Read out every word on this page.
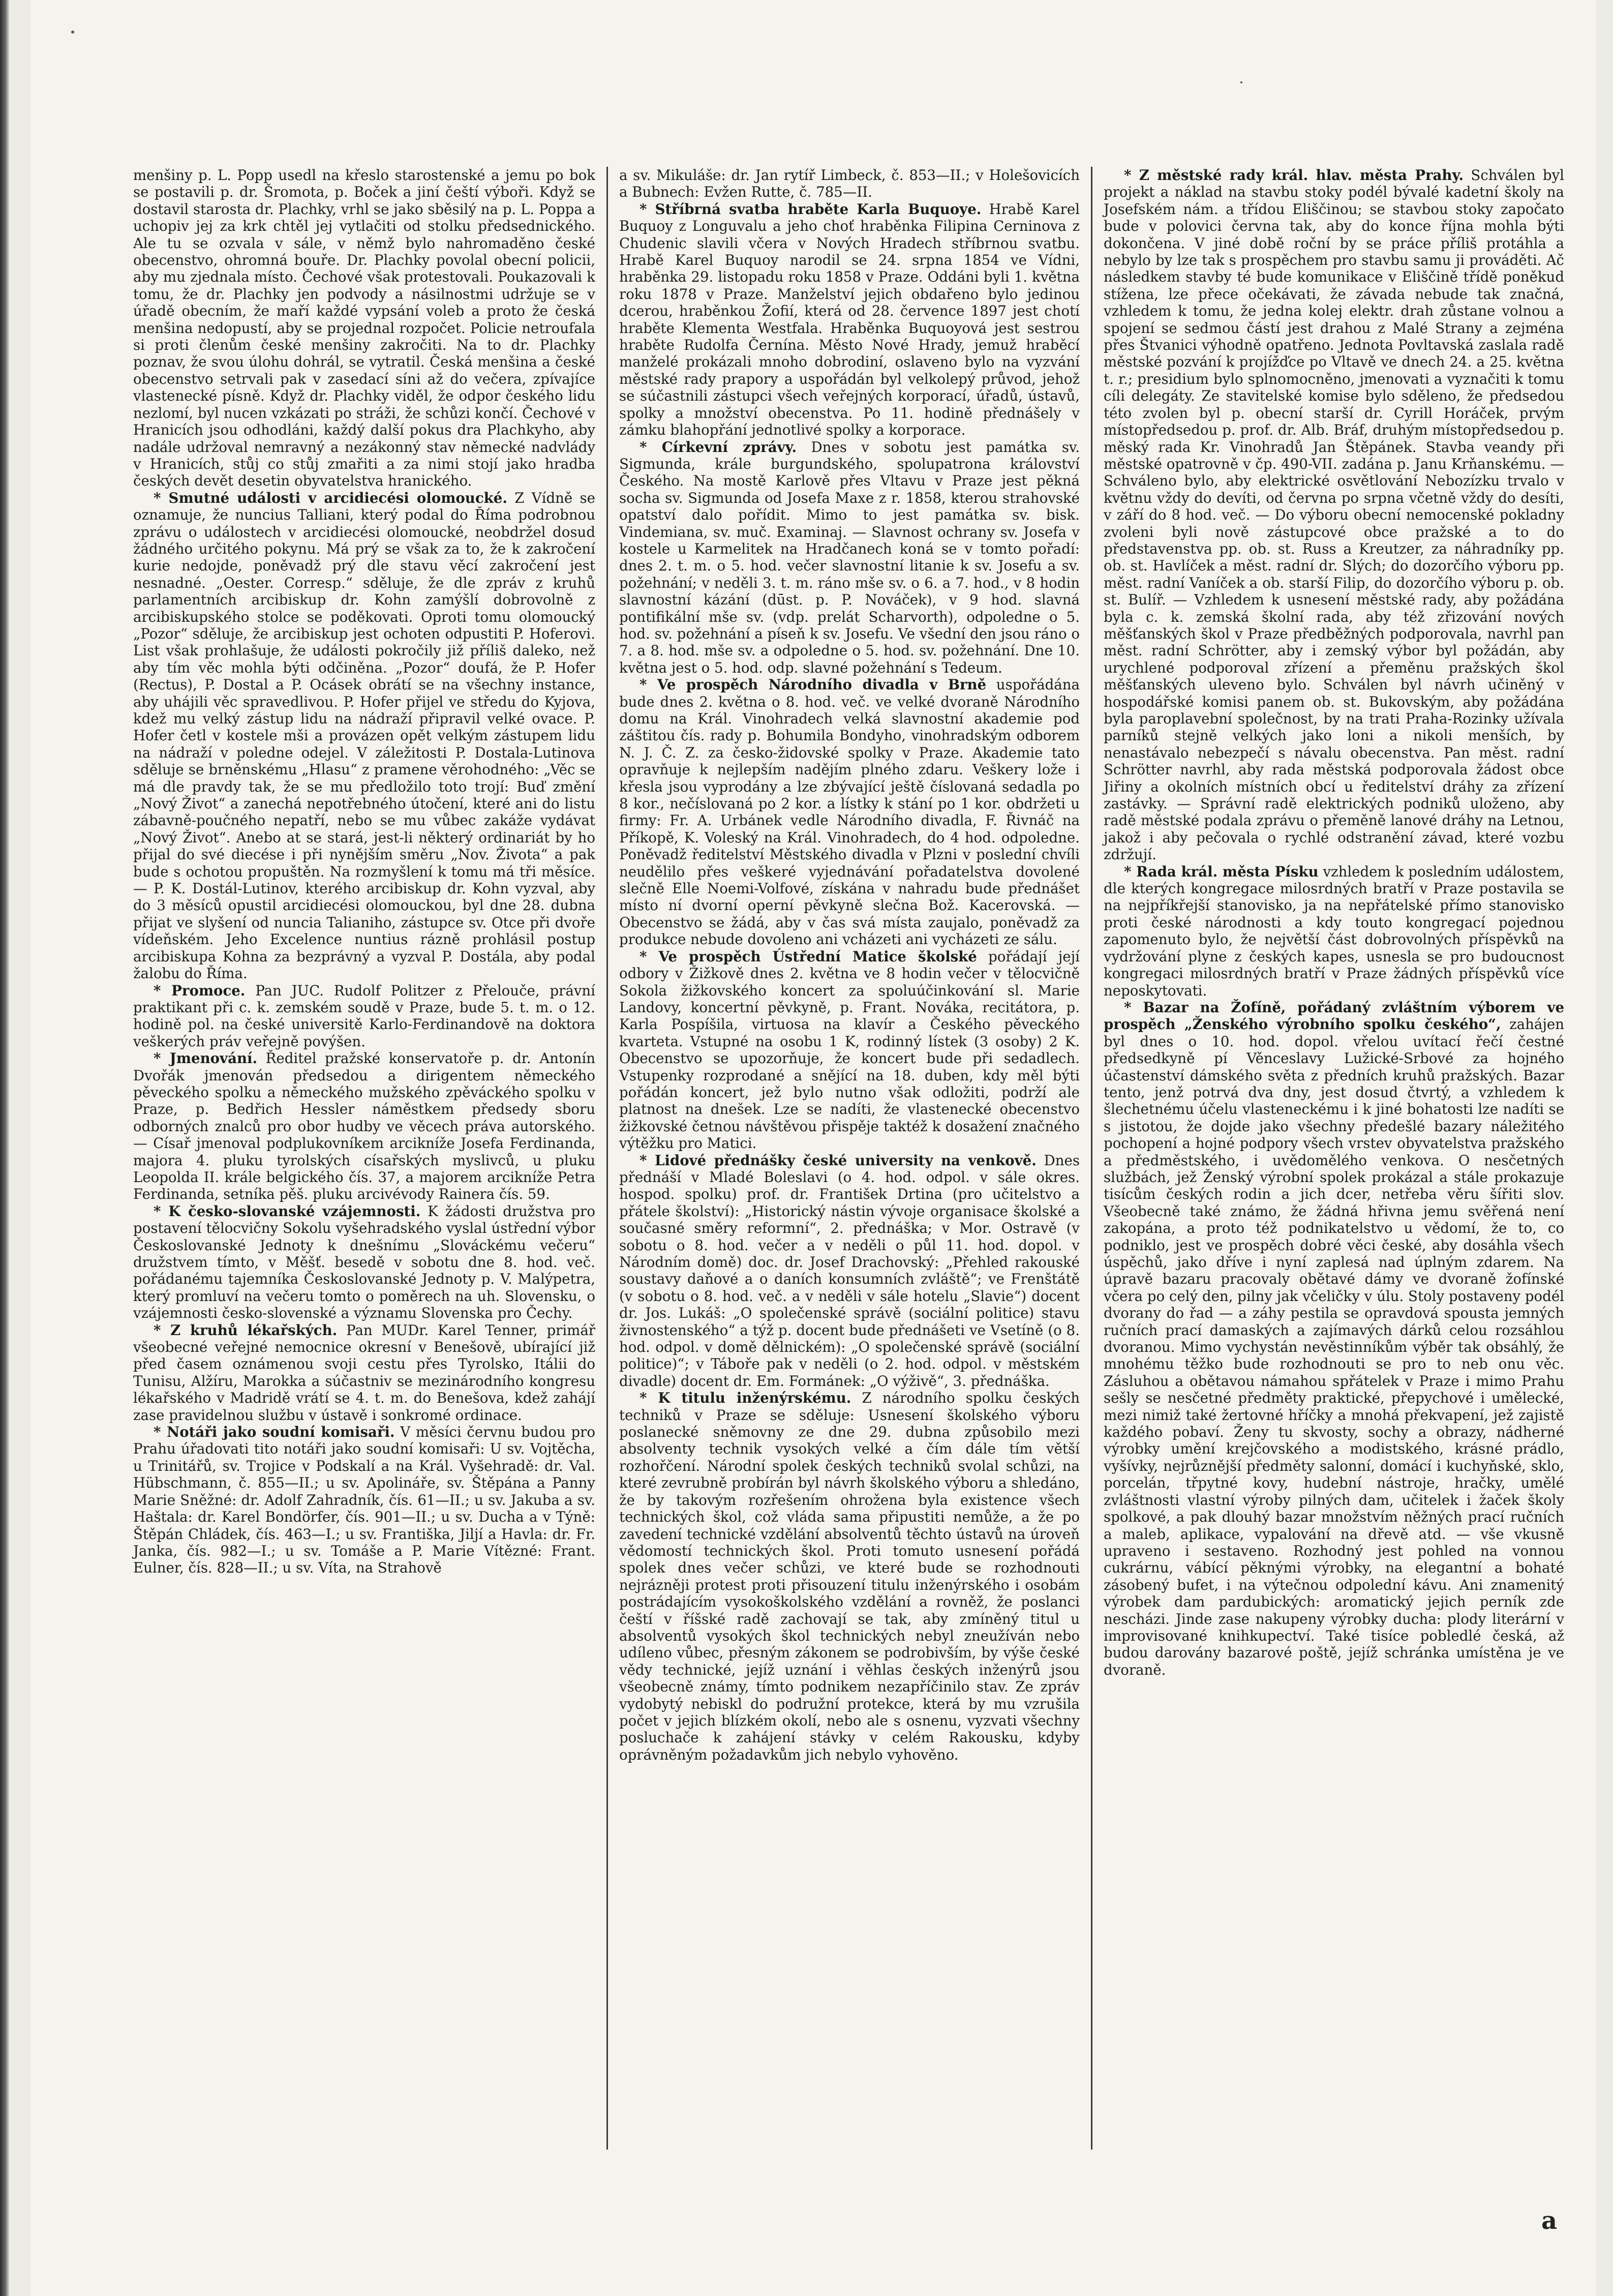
menšiny p. L. Popp usedl na křeslo starostenské a jemu po bok se postavili p. dr. Šromota, p. Boček a jiní čeští výboři. Když se dostavil starosta dr. Plachky, vrhl se jako sběsilý na p. L. Poppa a uchopiv jej za krk chtěl jej vytlačiti od stolku předsednického. Ale tu se ozvala v sále, v němž bylo nahromaděno české obecenstvo, ohromná bouře. Dr. Plachky povolal obecní policii, aby mu zjednala místo. Čechové však protestovali. Poukazovali k tomu, že dr. Plachky jen podvody a násilnostmi udržuje se v úřadě obecním, že maří každé vypsání voleb a proto že česká menšina nedopustí, aby se projednal rozpočet. Policie netroufala si proti členům české menšiny zakročiti. Na to dr. Plachky poznav, že svou úlohu dohrál, se vytratil. Česká menšina a české obecenstvo setrvali pak v zasedací síni až do večera, zpívajíce vlastenecké písně. Když dr. Plachky viděl, že odpor českého lidu nezlomí, byl nucen vzkázati po stráži, že schůzi končí. Čechové v Hranicích jsou odhodláni, každý další pokus dra Plachkyho, aby nadále udržoval nemravný a nezákonný stav německé nadvlády v Hranicích, stůj co stůj zmařiti a za nimi stojí jako hradba českých devět desetin obyvatelstva hranického.

* Smutné události v arcidiecési olomoucké. Z Vídně se oznamuje, že nuncius Talliani, který podal do Říma podrobnou zprávu o událostech v arcidiecési olomoucké, neobdržel dosud žádného určitého pokynu. Má prý se však za to, že k zakročení kurie nedojde, poněvadž prý dle stavu věcí zakročení jest nesnadné. „Oester. Corresp.“ sděluje, že dle zpráv z kruhů parlamentních arcibiskup dr. Kohn zamýšlí dobrovolně z arcibiskupského stolce se poděkovati. Oproti tomu olomoucký „Pozor“ sděluje, že arcibiskup jest ochoten odpustiti P. Hoferovi. List však prohlašuje, že události pokročily již příliš daleko, než aby tím věc mohla býti odčiněna. „Pozor“ doufá, že P. Hofer (Rectus), P. Dostal a P. Ocásek obrátí se na všechny instance, aby uhájili věc spravedlivou. P. Hofer přijel ve středu do Kyjova, kdež mu velký zástup lidu na nádraží připravil velké ovace. P. Hofer četl v kostele mši a provázen opět velkým zástupem lidu na nádraží v poledne odejel. V záležitosti P. Dostala-Lutinova sděluje se brněnskému „Hlasu“ z pramene věrohodného: „Věc se má dle pravdy tak, že se mu předložilo toto trojí: Buď změní „Nový Život“ a zanechá nepotřebného útočení, které ani do listu zábavně-poučného nepatří, nebo se mu vůbec zakáže vydávat „Nový Život“. Anebo at se stará, jest-li některý ordinariát by ho přijal do své diecése i při nynějším směru „Nov. Života“ a pak bude s ochotou propuštěn. Na rozmyšlení k tomu má tři měsíce. — P. K. Dostál-Lutinov, kterého arcibiskup dr. Kohn vyzval, aby do 3 měsíců opustil arcidiecési olomouckou, byl dne 28. dubna přijat ve slyšení od nuncia Talianiho, zástupce sv. Otce při dvoře vídeňském. Jeho Excelence nuntius rázně prohlásil postup arcibiskupa Kohna za bezprávný a vyzval P. Dostála, aby podal žalobu do Říma.

* Promoce. Pan JUC. Rudolf Politzer z Přelouče, právní praktikant při c. k. zemském soudě v Praze, bude 5. t. m. o 12. hodině pol. na české universitě Karlo-Ferdinandově na doktora veškerých práv veřejně povýšen.

* Jmenování. Ředitel pražské konservatoře p. dr. Antonín Dvořák jmenován předsedou a dirigentem německého pěveckého spolku a německého mužského zpěváckého spolku v Praze, p. Bedřich Hessler náměstkem předsedy sboru odborných znalců pro obor hudby ve věcech práva autorského. — Císař jmenoval podplukovníkem arcikníže Josefa Ferdinanda, majora 4. pluku tyrolských císařských myslivců, u pluku Leopolda II. krále belgického čís. 37, a majorem arcikníže Petra Ferdinanda, setníka pěš. pluku arcivévody Rainera čís. 59.

* K česko-slovanské vzájemnosti. K žádosti družstva pro postavení tělocvičny Sokolu vyšehradského vyslal ústřední výbor Českoslovanské Jednoty k dnešnímu „Slováckému večeru“ družstvem tímto, v Měšť. besedě v sobotu dne 8. hod. več. pořádanému tajemníka Českoslovanské Jednoty p. V. Malýpetra, který promluví na večeru tomto o poměrech na uh. Slovensku, o vzájemnosti česko-slovenské a významu Slovenska pro Čechy.

* Z kruhů lékařských. Pan MUDr. Karel Tenner, primář všeobecné veřejné nemocnice okresní v Benešově, ubírající již před časem oznámenou svoji cestu přes Tyrolsko, Itálii do Tunisu, Alžíru, Marokka a súčastniv se mezinárodního kongresu lékařského v Madridě vrátí se 4. t. m. do Benešova, kdež zahájí zase pravidelnou službu v ústavě i sonkromé ordinace.

* Notáři jako soudní komisaři. V měsíci červnu budou pro Prahu úřadovati tito notáři jako soudní komisaři: U sv. Vojtěcha, u Trinitářů, sv. Trojice v Podskalí a na Král. Vyšehradě: dr. Val. Hübschmann, č. 855—II.; u sv. Apolináře, sv. Štěpána a Panny Marie Sněžné: dr. Adolf Zahradník, čís. 61—II.; u sv. Jakuba a sv. Haštala: dr. Karel Bondörfer, čís. 901—II.; u sv. Ducha a v Týně: Štěpán Chládek, čís. 463—I.; u sv. Františka, Jiljí a Havla: dr. Fr. Janka, čís. 982—I.; u sv. Tomáše a P. Marie Vítězné: Frant. Eulner, čís. 828—II.; u sv. Víta, na Strahově

a sv. Mikuláše: dr. Jan rytíř Limbeck, č. 853—II.; v Holešovicích a Bubnech: Evžen Rutte, č. 785—II.

* Stříbrná svatba hraběte Karla Buquoye. Hrabě Karel Buquoy z Longuvalu a jeho choť hraběnka Filipina Cerninova z Chudenic slavili včera v Nových Hradech stříbrnou svatbu. Hrabě Karel Buquoy narodil se 24. srpna 1854 ve Vídni, hraběnka 29. listopadu roku 1858 v Praze. Oddáni byli 1. května roku 1878 v Praze. Manželství jejich obdařeno bylo jedinou dcerou, hraběnkou Žofií, která od 28. července 1897 jest chotí hraběte Klementa Westfala. Hraběnka Buquoyová jest sestrou hraběte Rudolfa Černína. Město Nové Hrady, jemuž hraběcí manželé prokázali mnoho dobrodiní, oslaveno bylo na vyzvání městské rady prapory a uspořádán byl velkolepý průvod, jehož se súčastnili zástupci všech veřejných korporací, úřadů, ústavů, spolky a množství obecenstva. Po 11. hodině přednášely v zámku blahopřání jednotlivé spolky a korporace.

* Církevní zprávy. Dnes v sobotu jest památka sv. Sigmunda, krále burgundského, spolupatrona království Českého. Na mostě Karlově přes Vltavu v Praze jest pěkná socha sv. Sigmunda od Josefa Maxe z r. 1858, kterou strahovské opatství dalo pořídit. Mimo to jest památka sv. bisk. Vindemiana, sv. muč. Examinaj. — Slavnost ochrany sv. Josefa v kostele u Karmelitek na Hradčanech koná se v tomto pořadí: dnes 2. t. m. o 5. hod. večer slavnostní litanie k sv. Josefu a sv. požehnání; v neděli 3. t. m. ráno mše sv. o 6. a 7. hod., v 8 hodin slavnostní kázání (dūst. p. P. Nováček), v 9 hod. slavná pontifikální mše sv. (vdp. prelát Scharvorth), odpoledne o 5. hod. sv. požehnání a píseň k sv. Josefu. Ve všední den jsou ráno o 7. a 8. hod. mše sv. a odpoledne o 5. hod. sv. požehnání. Dne 10. května jest o 5. hod. odp. slavné požehnání s Tedeum.

* Ve prospěch Národního divadla v Brně uspořádána bude dnes 2. května o 8. hod. več. ve velké dvoraně Národního domu na Král. Vinohradech velká slavnostní akademie pod záštitou čís. rady p. Bohumila Bondyho, vinohradským odborem N. J. Č. Z. za česko-židovské spolky v Praze. Akademie tato opravňuje k nejlepším nadějím plného zdaru. Veškery lože i křesla jsou vyprodány a lze zbývající ještě číslovaná sedadla po 8 kor., nečíslovaná po 2 kor. a lístky k stání po 1 kor. obdržeti u firmy: Fr. A. Urbánek vedle Národního divadla, F. Řivnáč na Příkopě, K. Voleský na Král. Vinohradech, do 4 hod. odpoledne. Poněvadž ředitelství Městského divadla v Plzni v poslední chvíli neudělilo přes veškeré vyjednávání pořadatelstva dovolené slečně Elle Noemi-Volfové, získána v nahradu bude přednášet místo ní dvorní operní pěvkyně slečna Bož. Kacerovská. — Obecenstvo se žádá, aby v čas svá místa zaujalo, poněvadž za produkce nebude dovoleno ani vcházeti ani vycházeti ze sálu.

* Ve prospěch Ústřední Matice školské pořádají její odbory v Žižkově dnes 2. května ve 8 hodin večer v tělocvičně Sokola žižkovského koncert za spoluúčinkování sl. Marie Landovy, koncertní pěvkyně, p. Frant. Nováka, recitátora, p. Karla Pospíšila, virtuosa na klavír a Českého pěveckého kvarteta. Vstupné na osobu 1 K, rodinný lístek (3 osoby) 2 K. Obecenstvo se upozorňuje, že koncert bude při sedadlech. Vstupenky rozprodané a snějící na 18. duben, kdy měl býti pořádán koncert, jež bylo nutno však odložiti, podrží ale platnost na dnešek. Lze se nadíti, že vlastenecké obecenstvo žižkovské četnou návštěvou přispěje taktéž k dosažení značného výtěžku pro Matici.

* Lidové přednášky české university na venkově. Dnes přednáší v Mladé Boleslavi (o 4. hod. odpol. v sále okres. hospod. spolku) prof. dr. František Drtina (pro učitelstvo a přátele školství): „Historický nástin vývoje organisace školské a současné směry reformní“, 2. přednáška; v Mor. Ostravě (v sobotu o 8. hod. večer a v neděli o půl 11. hod. dopol. v Národním domě) doc. dr. Josef Drachovský: „Přehled rakouské soustavy daňové a o daních konsumních zvláště“; ve Frenštátě (v sobotu o 8. hod. več. a v neděli v sále hotelu „Slavie“) docent dr. Jos. Lukáš: „O společenské správě (sociální politice) stavu živnostenského“ a týž p. docent bude přednášeti ve Vsetíně (o 8. hod. odpol. v domě dělnickém): „O společenské správě (sociální politice)“; v Táboře pak v neděli (o 2. hod. odpol. v městském divadle) docent dr. Em. Formánek: „O výživě“, 3. přednáška.

* K titulu inženýrskému. Z národního spolku českých techniků v Praze se sděluje: Usnesení školského výboru poslanecké sněmovny ze dne 29. dubna způsobilo mezi absolventy technik vysokých velké a čím dále tím větší rozhořčení. Národní spolek českých techniků svolal schůzi, na které zevrubně probírán byl návrh školského výboru a shledáno, že by takovým rozřešením ohrožena byla existence všech technických škol, což vláda sama připustiti nemůže, a že po zavedení technické vzdělání absolventů těchto ústavů na úroveň vědomostí technických škol. Proti tomuto usnesení pořádá spolek dnes večer schůzi, ve které bude se rozhodnouti nejrázněji protest proti přisouzení titulu inženýrského i osobám postrádajícím vysokoškolského vzdělání a rovněž, že poslanci čeští v říšské radě zachovají se tak, aby zmíněný titul u absolventů vysokých škol technických nebyl zneužíván nebo udíleno vůbec, přesným zákonem se podrobivším, by výše české vědy technické, jejíž uznání i věhlas českých inženýrů jsou všeobecně známy, tímto podnikem nezapříčinilo stav. Ze zpráv vydobytý nebiskl do podružní protekce, která by mu vzrušila počet v jejich blízkém okolí, nebo ale s osnenu, vyzvati všechny posluchače k zahájení stávky v celém Rakousku, kdyby oprávněným požadavkům jich nebylo vyhověno.

* Z městské rady král. hlav. města Prahy. Schválen byl projekt a náklad na stavbu stoky podél bývalé kadetní školy na Josefském nám. a třídou Eliščinou; se stavbou stoky započato bude v polovici června tak, aby do konce října mohla býti dokončena. V jiné době roční by se práce příliš protáhla a nebylo by lze tak s prospěchem pro stavbu samu ji prováděti. Ač následkem stavby té bude komunikace v Eliščině třídě poněkud stížena, lze přece očekávati, že závada nebude tak značná, vzhledem k tomu, že jedna kolej elektr. drah zůstane volnou a spojení se sedmou částí jest drahou z Malé Strany a zejména přes Štvanici výhodně opatřeno. Jednota Povltavská zaslala radě městské pozvání k projížďce po Vltavě ve dnech 24. a 25. května t. r.; presidium bylo splnomocněno, jmenovati a vyznačiti k tomu cíli delegáty. Ze stavitelské komise bylo sděleno, že předsedou této zvolen byl p. obecní starší dr. Cyrill Horáček, prvým místopředsedou p. prof. dr. Alb. Bráf, druhým místopředsedou p. měský rada Kr. Vinohradů Jan Štěpánek. Stavba veandy při městské opatrovně v čp. 490-VII. zadána p. Janu Krňanskému. — Schváleno bylo, aby elektrické osvětlování Nebozízku trvalo v květnu vždy do devíti, od června po srpna včetně vždy do desíti, v září do 8 hod. več. — Do výboru obecní nemocenské pokladny zvoleni byli nově zástupcové obce pražské a to do představenstva pp. ob. st. Russ a Kreutzer, za náhradníky pp. ob. st. Havlíček a měst. radní dr. Slých; do dozorčího výboru pp. měst. radní Vaníček a ob. starší Filip, do dozorčího výboru p. ob. st. Bulíř. — Vzhledem k usnesení městské rady, aby požádána byla c. k. zemská školní rada, aby též zřizování nových měšťanských škol v Praze předběžných podporovala, navrhl pan měst. radní Schrötter, aby i zemský výbor byl požádán, aby urychlené podporoval zřízení a přeměnu pražských škol měšťanských uleveno bylo. Schválen byl návrh učiněný v hospodářské komisi panem ob. st. Bukovským, aby požádána byla paroplavební společnost, by na trati Praha-Rozinky užívala parníků stejně velkých jako loni a nikoli menších, by nenastávalo nebezpečí s návalu obecenstva. Pan měst. radní Schrötter navrhl, aby rada městská podporovala žádost obce Jiřiny a okolních místních obcí u ředitelství dráhy za zřízení zastávky. — Správní radě elektrických podniků uloženo, aby radě městské podala zprávu o přeměně lanové dráhy na Letnou, jakož i aby pečovala o rychlé odstranění závad, které vozbu zdržují.

* Rada král. města Písku vzhledem k posledním událostem, dle kterých kongregace milosrdných bratří v Praze postavila se na nejpříkřejší stanovisko, ja na nepřátelské přímo stanovisko proti české národnosti a kdy touto kongregací pojednou zapomenuto bylo, že největší část dobrovolných příspěvků na vydržování plyne z českých kapes, usnesla se pro budoucnost kongregaci milosrdných bratří v Praze žádných příspěvků více neposkytovati.

* Bazar na Žofíně, pořádaný zvláštním výborem ve prospěch „Ženského výrobního spolku českého“, zahájen byl dnes o 10. hod. dopol. vřelou uvítací řečí čestné předsedkyně pí Věnceslavy Lužické-Srbové za hojného účastenství dámského světa z předních kruhů pražských. Bazar tento, jenž potrvá dva dny, jest dosud čtvrtý, a vzhledem k šlechetnému účelu vlasteneckému i k jiné bohatosti lze nadíti se s jistotou, že dojde jako všechny předešlé bazary náležitého pochopení a hojné podpory všech vrstev obyvatelstva pražského a předměstského, i uvědomělého venkova. O nesčetných službách, jež Ženský výrobní spolek prokázal a stále prokazuje tisícům českých rodin a jich dcer, netřeba věru šířiti slov. Všeobecně také známo, že žádná hřivna jemu svěřená není zakopána, a proto též podnikatelstvo u vědomí, že to, co podniklo, jest ve prospěch dobré věci české, aby dosáhla všech úspěchů, jako dříve i nyní zaplesá nad úplným zdarem. Na úpravě bazaru pracovaly obětavé dámy ve dvoraně žofínské včera po celý den, pilny jak včeličky v úlu. Stoly postaveny podél dvorany do řad — a záhy pestila se opravdová spousta jemných ručních prací damaských a zajímavých dárků celou rozsáhlou dvoranou. Mimo vychystán nevěstinníkům výběr tak obsáhlý, že mnohému těžko bude rozhodnouti se pro to neb onu věc. Zásluhou a obětavou námahou spřátelek v Praze i mimo Prahu sešly se nesčetné předměty praktické, přepychové i umělecké, mezi nimiž také žertovné hříčky a mnohá překvapení, jež zajistě každého pobaví. Ženy tu skvosty, sochy a obrazy, nádherné výrobky umění krejčovského a modistského, krásné prádlo, vyšívky, nejrůznější předměty salonní, domácí i kuchyňské, sklo, porcelán, třpytné kovy, hudební nástroje, hračky, umělé zvláštnosti vlastní výroby pilných dam, učitelek i žaček školy spolkové, a pak dlouhý bazar množstvím něžných prací ručních a maleb, aplikace, vypalování na dřevě atd. — vše vkusně upraveno i sestaveno. Rozhodný jest pohled na vonnou cukrárnu, vábící pěknými výrobky, na elegantní a bohaté zásobený bufet, i na výtečnou odpolední kávu. Ani znamenitý výrobek dam pardubických: aromatický jejich perník zde nescházi. Jinde zase nakupeny výrobky ducha: plody literární v improvisované knihkupectví. Také tisíce pobledlé česká, až budou darovány bazarové poště, jejíž schránka umístěna je ve dvoraně.

a
